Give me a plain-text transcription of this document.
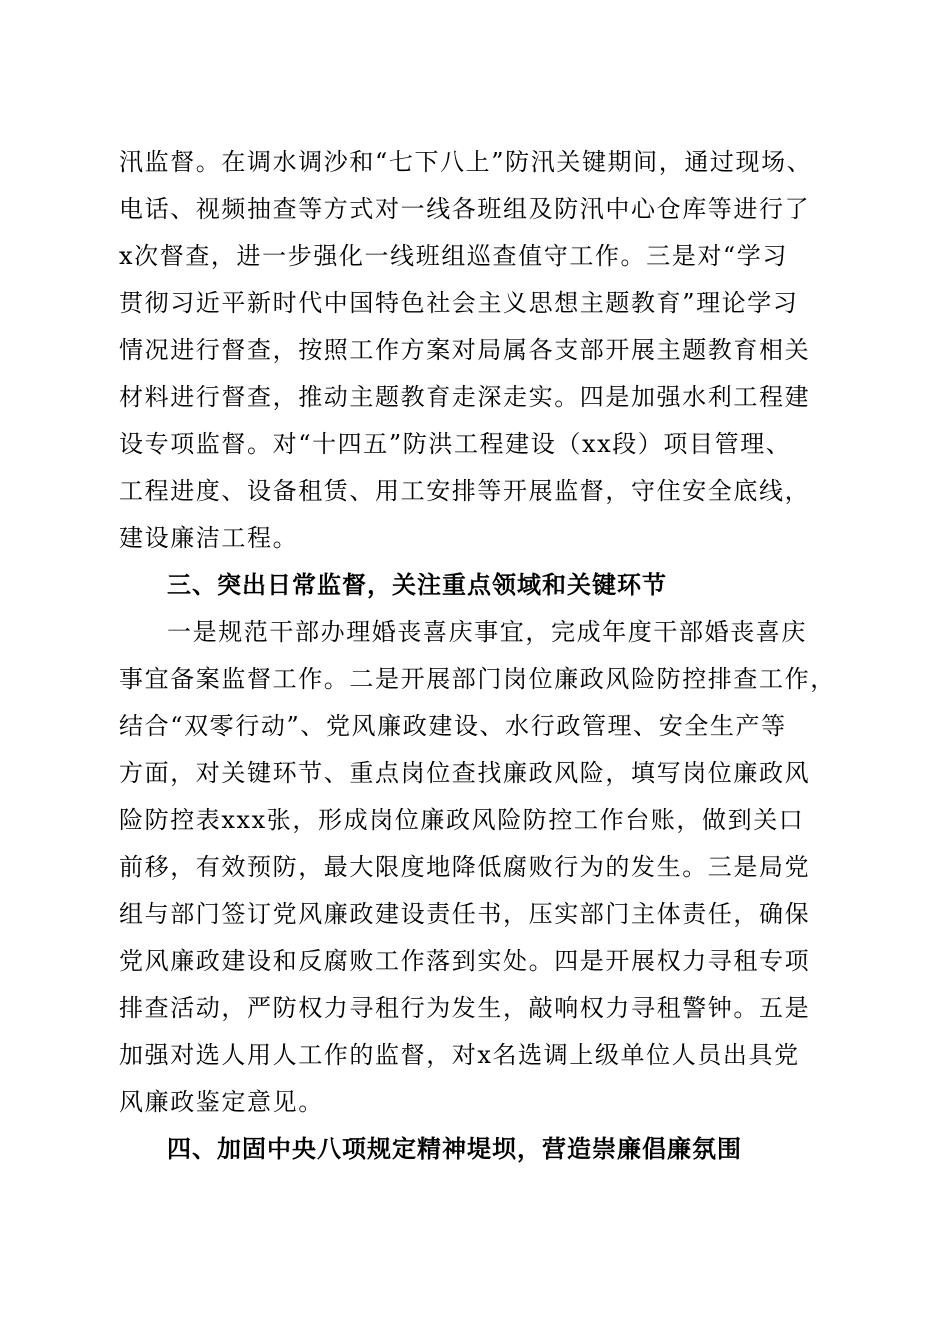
汛监督。在调水调沙和“七下八上”防汛关键期间，通过现场、
电话、视频抽查等方式对一线各班组及防汛中心仓库等进行了
x次督查，进一步强化一线班组巡查值守工作。三是对“学习
贯彻习近平新时代中国特色社会主义思想主题教育”理论学习
情况进行督查，按照工作方案对局属各支部开展主题教育相关
材料进行督查，推动主题教育走深走实。四是加强水利工程建
设专项监督。对“十四五”防洪工程建设（xx段）项目管理、
工程进度、设备租赁、用工安排等开展监督，守住安全底线，
建设廉洁工程。
三、突出日常监督，关注重点领域和关键环节
一是规范干部办理婚丧喜庆事宜，完成年度干部婚丧喜庆
事宜备案监督工作。二是开展部门岗位廉政风险防控排查工作，
结合“双零行动”、党风廉政建设、水行政管理、安全生产等
方面，对关键环节、重点岗位查找廉政风险，填写岗位廉政风
险防控表xxx张，形成岗位廉政风险防控工作台账，做到关口
前移，有效预防，最大限度地降低腐败行为的发生。三是局党
组与部门签订党风廉政建设责任书，压实部门主体责任，确保
党风廉政建设和反腐败工作落到实处。四是开展权力寻租专项
排查活动，严防权力寻租行为发生，敲响权力寻租警钟。五是
加强对选人用人工作的监督，对x名选调上级单位人员出具党
风廉政鉴定意见。
四、加固中央八项规定精神堤坝，营造崇廉倡廉氛围
